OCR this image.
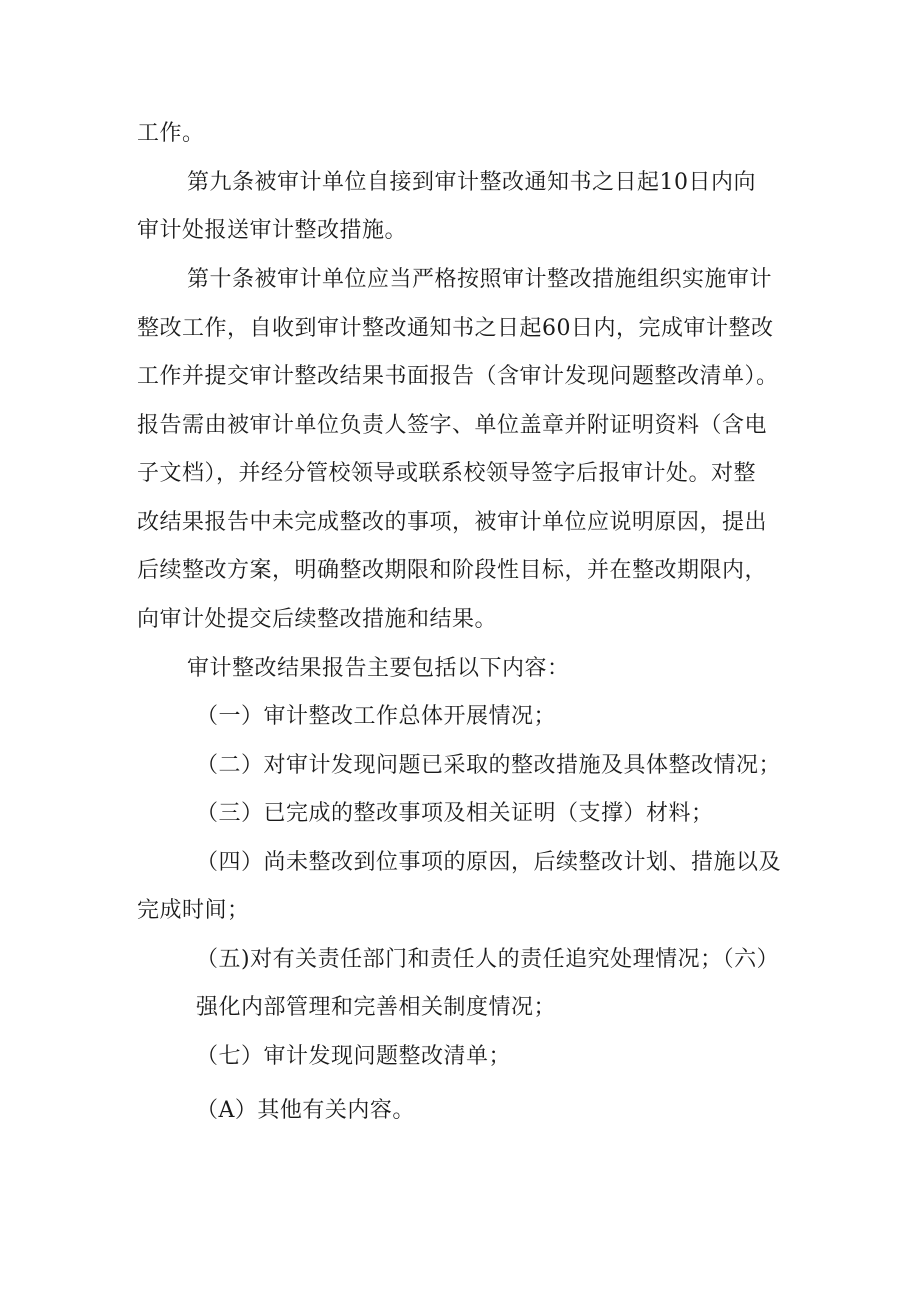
工作。
第九条被审计单位自接到审计整改通知书之日起10日内向
审计处报送审计整改措施。
第十条被审计单位应当严格按照审计整改措施组织实施审计
整改工作，自收到审计整改通知书之日起60日内，完成审计整改
工作并提交审计整改结果书面报告（含审计发现问题整改清单）。
报告需由被审计单位负责人签字、单位盖章并附证明资料（含电
子文档），并经分管校领导或联系校领导签字后报审计处。对整
改结果报告中未完成整改的事项，被审计单位应说明原因，提出
后续整改方案，明确整改期限和阶段性目标，并在整改期限内，
向审计处提交后续整改措施和结果。
审计整改结果报告主要包括以下内容：
（一）审计整改工作总体开展情况；
（二）对审计发现问题已采取的整改措施及具体整改情况；
（三）已完成的整改事项及相关证明（支撑）材料；
（四）尚未整改到位事项的原因，后续整改计划、措施以及
完成时间；
（五)对有关责任部门和责任人的责任追究处理情况；（六）
强化内部管理和完善相关制度情况；
（七）审计发现问题整改清单；
（A）其他有关内容。
